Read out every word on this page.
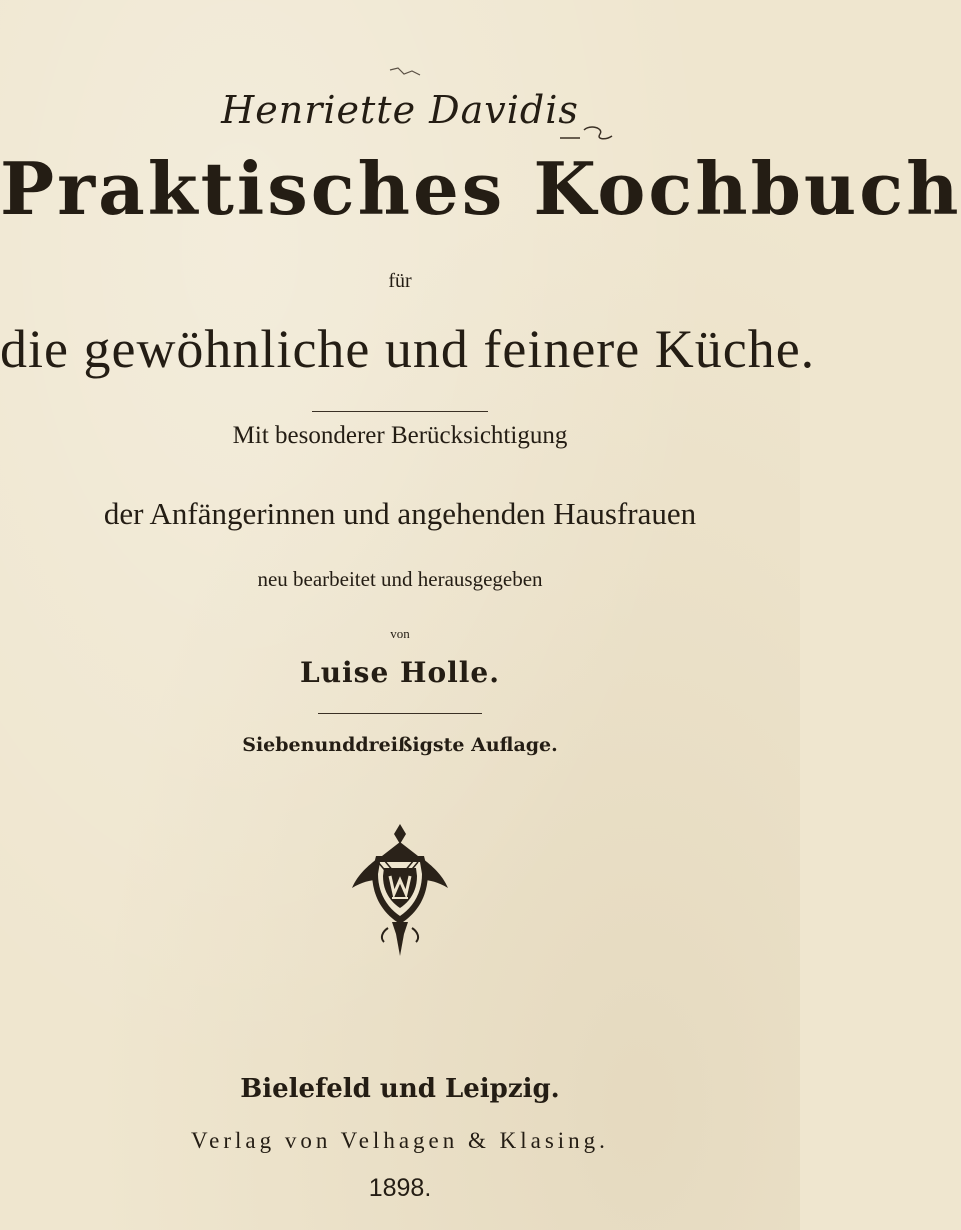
Henriette Davidis
Praktisches Kochbuch
für
die gewöhnliche und feinere Küche.
Mit besonderer Berücksichtigung
der Anfängerinnen und angehenden Hausfrauen
neu bearbeitet und herausgegeben
von
Luise Holle.
Siebenunddreißigste Auflage.
Bielefeld und Leipzig.
Verlag von Velhagen & Klasing.
1898.
